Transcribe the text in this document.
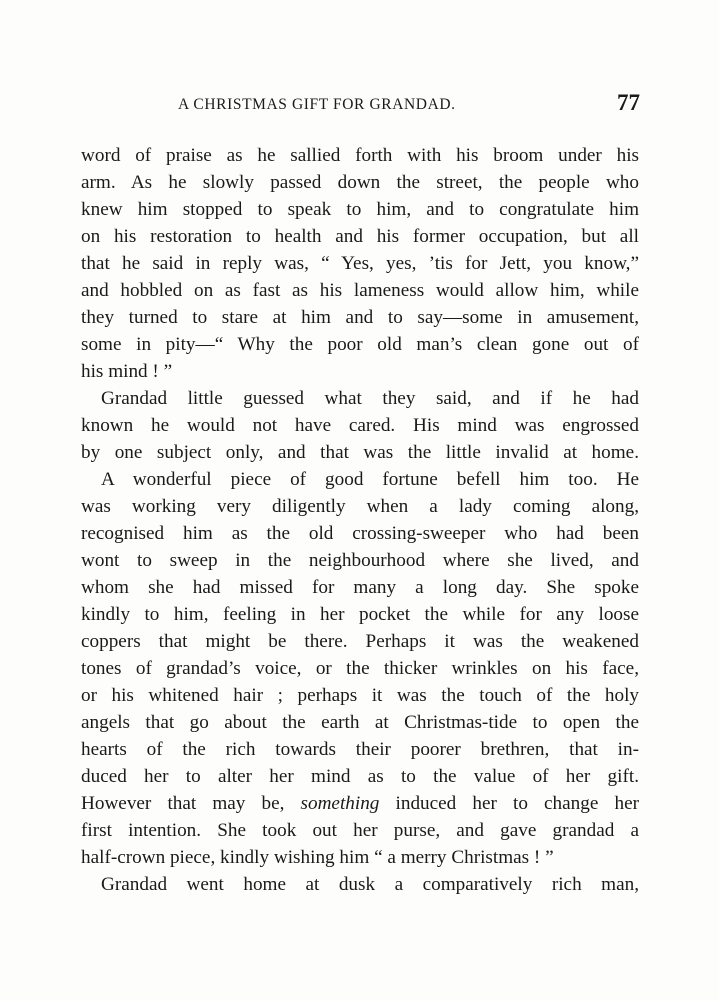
A CHRISTMAS GIFT FOR GRANDAD.	77
word of praise as he sallied forth with his broom under his
arm. As he slowly passed down the street, the people who
knew him stopped to speak to him, and to congratulate him
on his restoration to health and his former occupation, but all
that he said in reply was, “ Yes, yes, ’tis for Jett, you know,”
and hobbled on as fast as his lameness would allow him, while
they turned to stare at him and to say—some in amusement,
some in pity—“ Why the poor old man’s clean gone out of
his mind ! ”
Grandad little guessed what they said, and if he had
known he would not have cared. His mind was engrossed
by one subject only, and that was the little invalid at home.
A wonderful piece of good fortune befell him too. He
was working very diligently when a lady coming along,
recognised him as the old crossing-sweeper who had been
wont to sweep in the neighbourhood where she lived, and
whom she had missed for many a long day. She spoke
kindly to him, feeling in her pocket the while for any loose
coppers that might be there. Perhaps it was the weakened
tones of grandad’s voice, or the thicker wrinkles on his face,
or his whitened hair ; perhaps it was the touch of the holy
angels that go about the earth at Christmas-tide to open the
hearts of the rich towards their poorer brethren, that in-
duced her to alter her mind as to the value of her gift.
However that may be, something induced her to change her
first intention. She took out her purse, and gave grandad a
half-crown piece, kindly wishing him “ a merry Christmas ! ”
Grandad went home at dusk a comparatively rich man,
